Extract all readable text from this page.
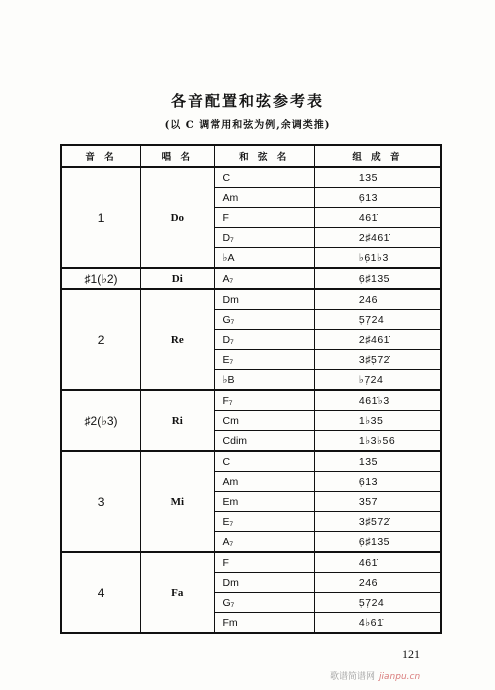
各音配置和弦参考表
(以 C 调常用和弦为例,余调类推)
音 名	唱 名	和 弦 名	组 成 音
1	Do	C	135
		Am	6̣13
		F	461̇
		D₇	2♯461̇
		♭A	♭6̣1♭3
♯1(♭2)	Di	A₇	6̣♯135
2	Re	Dm	246
		G₇	5̣7̣24
		D₇	2♯461̇
		E₇	3♯5̣72̇
		♭B	♭7̣24
♯2(♭3)	Ri	F₇	461̇♭3
		Cm	1♭35
		Cdim	1♭3♭56
3	Mi	C	135
		Am	6̣13
		Em	357
		E₇	3♯572̇
		A₇	6̣♯135
4	Fa	F	461̇
		Dm	246
		G₇	5̣7̣24
		Fm	4♭61̇
121
歌谱简谱网 jianpu.cn
